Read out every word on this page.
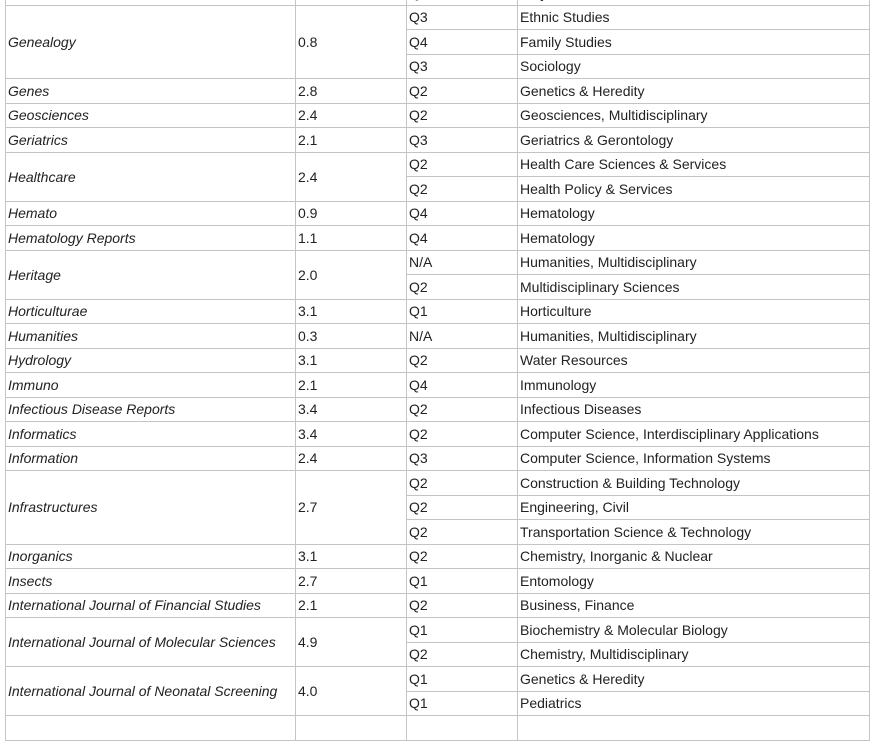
Genealogy	0.8	Q3	Ethnic Studies
		Q4	Family Studies
		Q3	Sociology
Genes	2.8	Q2	Genetics & Heredity
Geosciences	2.4	Q2	Geosciences, Multidisciplinary
Geriatrics	2.1	Q3	Geriatrics & Gerontology
Healthcare	2.4	Q2	Health Care Sciences & Services
		Q2	Health Policy & Services
Hemato	0.9	Q4	Hematology
Hematology Reports	1.1	Q4	Hematology
Heritage	2.0	N/A	Humanities, Multidisciplinary
		Q2	Multidisciplinary Sciences
Horticulturae	3.1	Q1	Horticulture
Humanities	0.3	N/A	Humanities, Multidisciplinary
Hydrology	3.1	Q2	Water Resources
Immuno	2.1	Q4	Immunology
Infectious Disease Reports	3.4	Q2	Infectious Diseases
Informatics	3.4	Q2	Computer Science, Interdisciplinary Applications
Information	2.4	Q3	Computer Science, Information Systems
Infrastructures	2.7	Q2	Construction & Building Technology
		Q2	Engineering, Civil
		Q2	Transportation Science & Technology
Inorganics	3.1	Q2	Chemistry, Inorganic & Nuclear
Insects	2.7	Q1	Entomology
International Journal of Financial Studies	2.1	Q2	Business, Finance
International Journal of Molecular Sciences	4.9	Q1	Biochemistry & Molecular Biology
		Q2	Chemistry, Multidisciplinary
International Journal of Neonatal Screening	4.0	Q1	Genetics & Heredity
		Q1	Pediatrics
